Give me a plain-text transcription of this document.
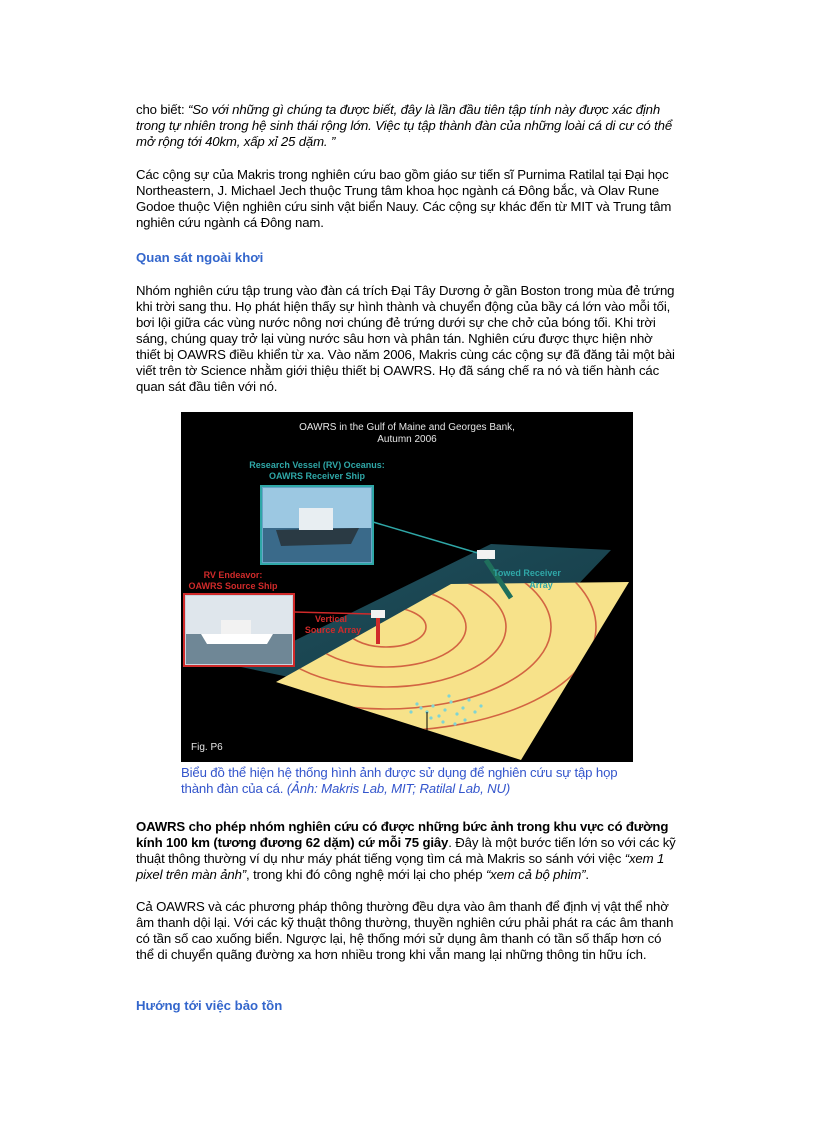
cho biết: “So với những gì chúng ta được biết, đây là lần đầu tiên tập tính này được xác định trong tự nhiên trong hệ sinh thái rộng lớn. Việc tụ tập thành đàn của những loài cá di cư có thể mở rộng tới 40km, xấp xỉ 25 dặm. ”

Các cộng sự của Makris trong nghiên cứu bao gồm giáo sư tiến sĩ Purnima Ratilal tại Đại học Northeastern, J. Michael Jech thuộc Trung tâm khoa học ngành cá Đông bắc, và Olav Rune Godoe thuộc Viện nghiên cứu sinh vật biển Nauy. Các cộng sự khác đến từ MIT và Trung tâm nghiên cứu ngành cá Đông nam.

Quan sát ngoài khơi

Nhóm nghiên cứu tập trung vào đàn cá trích Đại Tây Dương ở gần Boston trong mùa đẻ trứng khi trời sang thu. Họ phát hiện thấy sự hình thành và chuyển động của bầy cá lớn vào mỗi tối, bơi lội giữa các vùng nước nông nơi chúng đẻ trứng dưới sự che chở của bóng tối. Khi trời sáng, chúng quay trở lại vùng nước sâu hơn và phân tán. Nghiên cứu được thực hiện nhờ thiết bị OAWRS điều khiển từ xa. Vào năm 2006, Makris cùng các cộng sự đã đăng tải một bài viết trên tờ Science nhằm giới thiệu thiết bị OAWRS. Họ đã sáng chế ra nó và tiến hành các quan sát đầu tiên với nó.

OAWRS in the Gulf of Maine and Georges Bank,
Autumn 2006
Research Vessel (RV) Oceanus:
OAWRS Receiver Ship
RV Endeavor:
OAWRS Source Ship
Towed Receiver
Array
Vertical
Source Array
Fig. P6	Fish Groups

Biểu đồ thể hiện hệ thống hình ảnh được sử dụng để nghiên cứu sự tập họp thành đàn của cá. (Ảnh: Makris Lab, MIT; Ratilal Lab, NU)

OAWRS cho phép nhóm nghiên cứu có được những bức ảnh trong khu vực có đường kính 100 km (tương đương 62 dặm) cứ mỗi 75 giây. Đây là một bước tiến lớn so với các kỹ thuật thông thường ví dụ như máy phát tiếng vọng tìm cá mà Makris so sánh với việc “xem 1 pixel trên màn ảnh”, trong khi đó công nghệ mới lại cho phép “xem cả bộ phim”.

Cả OAWRS và các phương pháp thông thường đều dựa vào âm thanh để định vị vật thể nhờ âm thanh dội lại. Với các kỹ thuật thông thường, thuyền nghiên cứu phải phát ra các âm thanh có tần số cao xuống biển. Ngược lại, hệ thống mới sử dụng âm thanh có tần số thấp hơn có thể di chuyển quãng đường xa hơn nhiều trong khi vẫn mang lại những thông tin hữu ích.

Hướng tới việc bảo tồn
